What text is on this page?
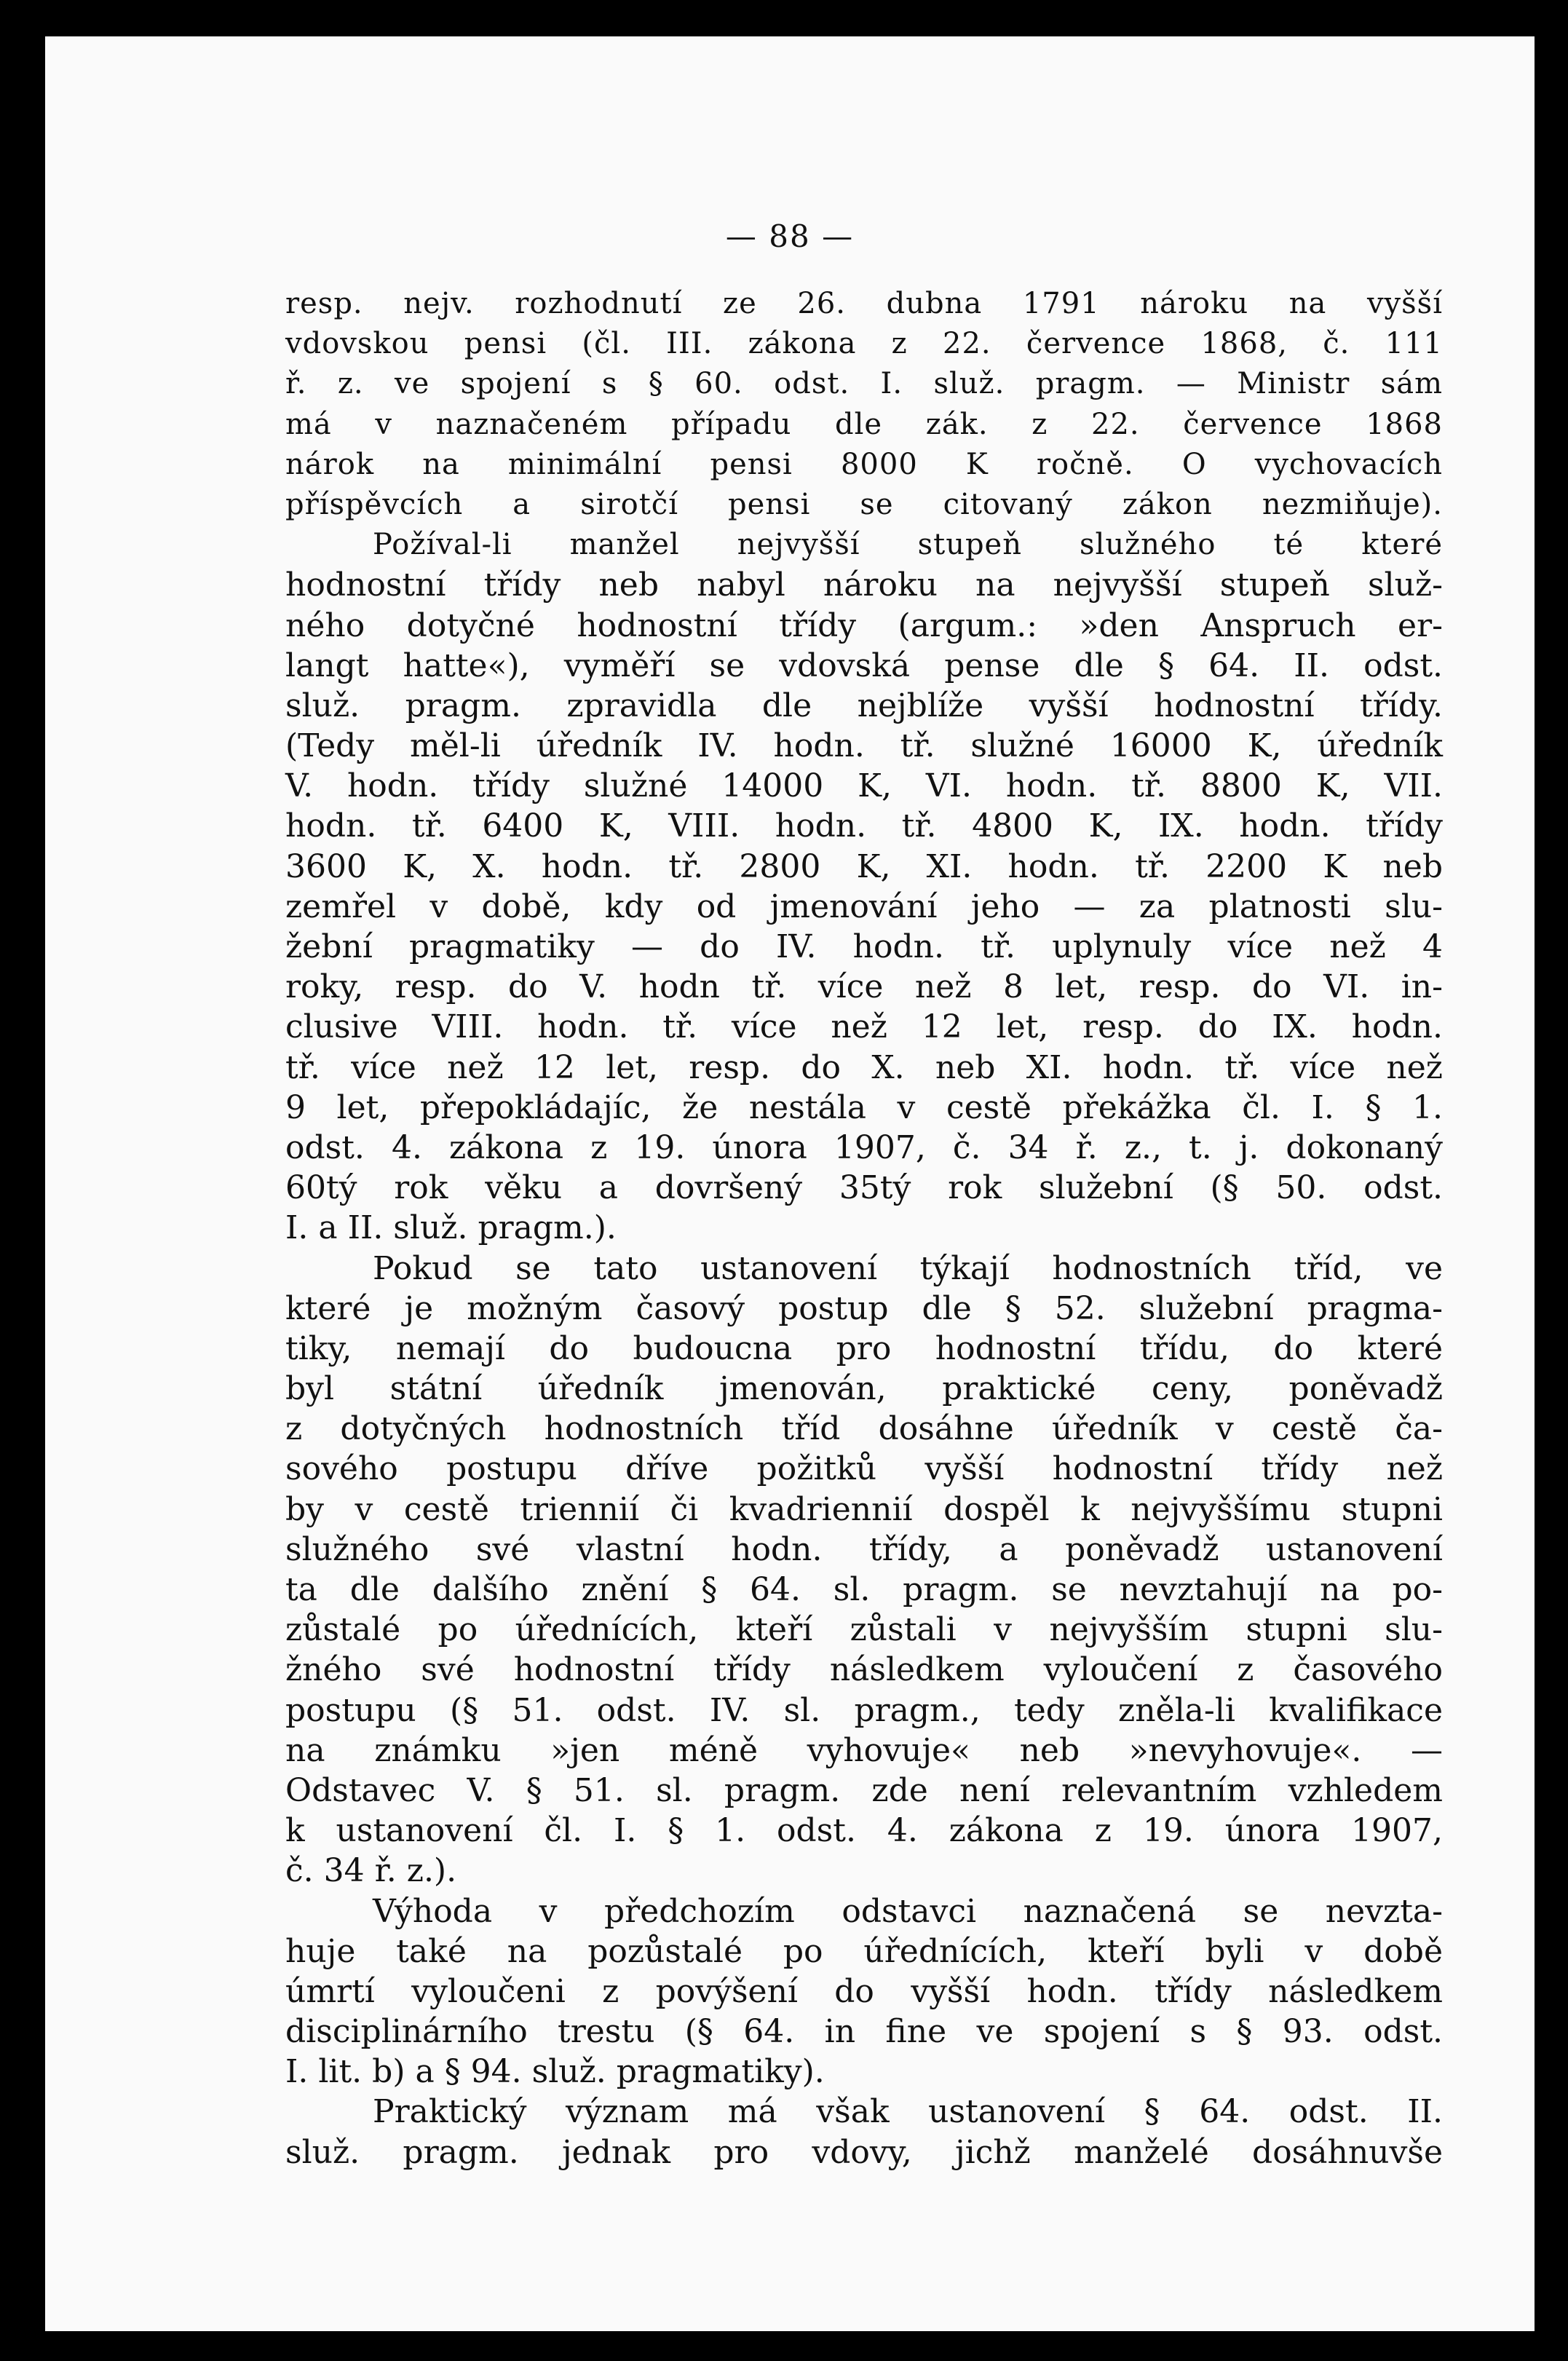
— 88 —
resp. nejv. rozhodnutí ze 26. dubna 1791 nároku na vyšší
vdovskou pensi (čl. III. zákona z 22. července 1868, č. 111
ř. z. ve spojení s § 60. odst. I. služ. pragm. — Ministr sám
má v naznačeném případu dle zák. z 22. července 1868
nárok na minimální pensi 8000 K ročně. O vychovacích
příspěvcích a sirotčí pensi se citovaný zákon nezmiňuje).
Požíval-li manžel nejvyšší stupeň služného té které
hodnostní třídy neb nabyl nároku na nejvyšší stupeň služ-
ného dotyčné hodnostní třídy (argum.: »den Anspruch er-
langt hatte«), vyměří se vdovská pense dle § 64. II. odst.
služ. pragm. zpravidla dle nejblíže vyšší hodnostní třídy.
(Tedy měl-li úředník IV. hodn. tř. služné 16000 K, úředník
V. hodn. třídy služné 14000 K, VI. hodn. tř. 8800 K, VII.
hodn. tř. 6400 K, VIII. hodn. tř. 4800 K, IX. hodn. třídy
3600 K, X. hodn. tř. 2800 K, XI. hodn. tř. 2200 K neb
zemřel v době, kdy od jmenování jeho — za platnosti slu-
žební pragmatiky — do IV. hodn. tř. uplynuly více než 4
roky, resp. do V. hodn tř. více než 8 let, resp. do VI. in-
clusive VIII. hodn. tř. více než 12 let, resp. do IX. hodn.
tř. více než 12 let, resp. do X. neb XI. hodn. tř. více než
9 let, přepokládajíc, že nestála v cestě překážka čl. I. § 1.
odst. 4. zákona z 19. února 1907, č. 34 ř. z., t. j. dokonaný
60tý rok věku a dovršený 35tý rok služební (§ 50. odst.
I. a II. služ. pragm.).
Pokud se tato ustanovení týkají hodnostních tříd, ve
které je možným časový postup dle § 52. služební pragma-
tiky, nemají do budoucna pro hodnostní třídu, do které
byl státní úředník jmenován, praktické ceny, poněvadž
z dotyčných hodnostních tříd dosáhne úředník v cestě ča-
sového postupu dříve požitků vyšší hodnostní třídy než
by v cestě triennií či kvadriennií dospěl k nejvyššímu stupni
služného své vlastní hodn. třídy, a poněvadž ustanovení
ta dle dalšího znění § 64. sl. pragm. se nevztahují na po-
zůstalé po úřednících, kteří zůstali v nejvyšším stupni slu-
žného své hodnostní třídy následkem vyloučení z časového
postupu (§ 51. odst. IV. sl. pragm., tedy zněla-li kvalifikace
na známku »jen méně vyhovuje« neb »nevyhovuje«. —
Odstavec V. § 51. sl. pragm. zde není relevantním vzhledem
k ustanovení čl. I. § 1. odst. 4. zákona z 19. února 1907,
č. 34 ř. z.).
Výhoda v předchozím odstavci naznačená se nevzta-
huje také na pozůstalé po úřednících, kteří byli v době
úmrtí vyloučeni z povýšení do vyšší hodn. třídy následkem
disciplinárního trestu (§ 64. in fine ve spojení s § 93. odst.
I. lit. b) a § 94. služ. pragmatiky).
Praktický význam má však ustanovení § 64. odst. II.
služ. pragm. jednak pro vdovy, jichž manželé dosáhnuvše
